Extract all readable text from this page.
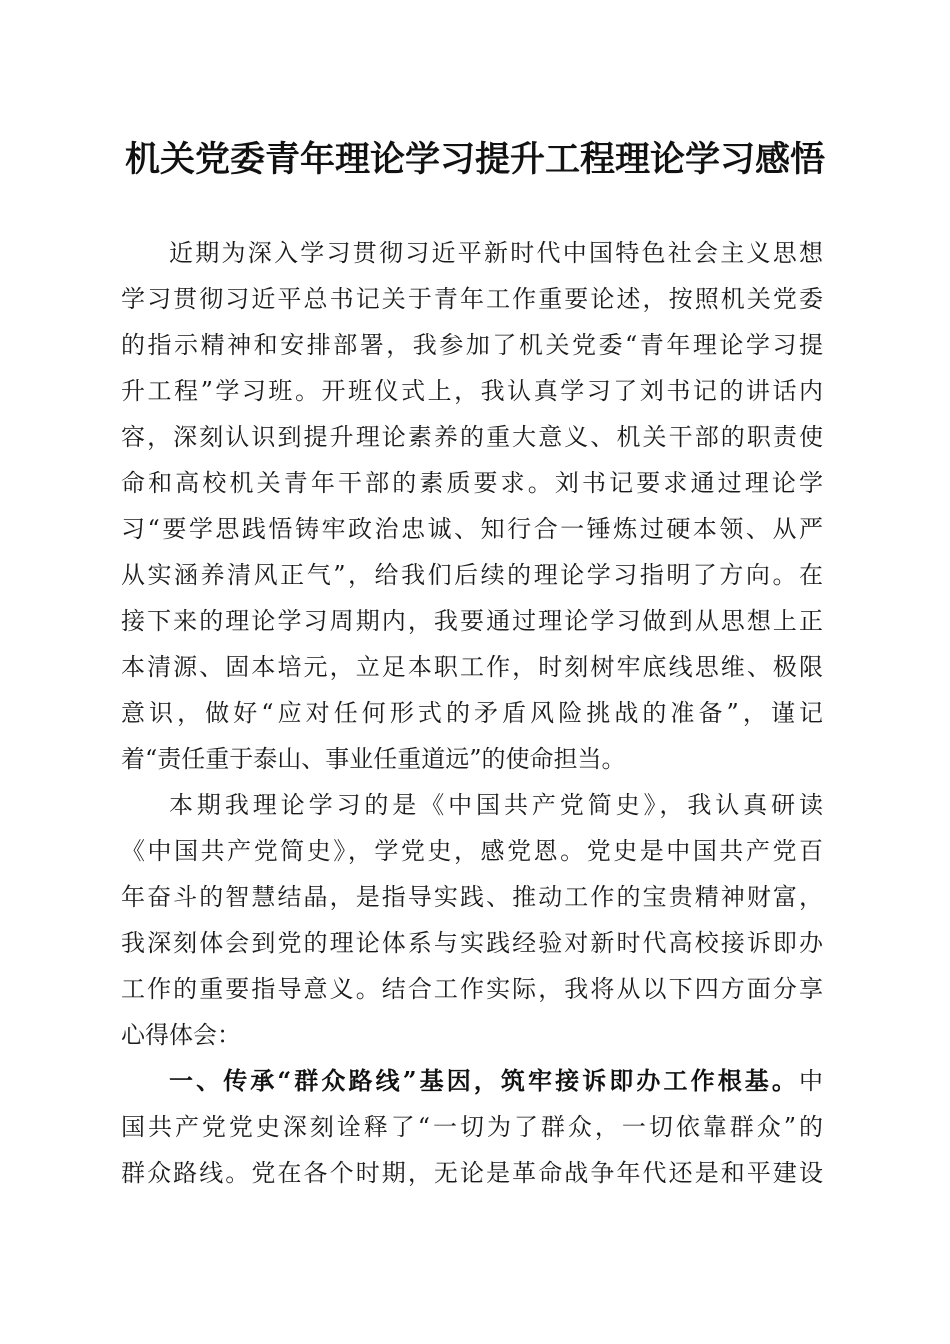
机关党委青年理论学习提升工程理论学习感悟
近期为深入学习贯彻习近平新时代中国特色社会主义思想
学习贯彻习近平总书记关于青年工作重要论述，按照机关党委
的指示精神和安排部署，我参加了机关党委“青年理论学习提
升工程”学习班。开班仪式上，我认真学习了刘书记的讲话内
容，深刻认识到提升理论素养的重大意义、机关干部的职责使
命和高校机关青年干部的素质要求。刘书记要求通过理论学
习“要学思践悟铸牢政治忠诚、知行合一锤炼过硬本领、从严
从实涵养清风正气”，给我们后续的理论学习指明了方向。在
接下来的理论学习周期内，我要通过理论学习做到从思想上正
本清源、固本培元，立足本职工作，时刻树牢底线思维、极限
意识，做好“应对任何形式的矛盾风险挑战的准备”，谨记
着“责任重于泰山、事业任重道远”的使命担当。
本期我理论学习的是《中国共产党简史》，我认真研读
《中国共产党简史》，学党史，感党恩。党史是中国共产党百
年奋斗的智慧结晶，是指导实践、推动工作的宝贵精神财富，
我深刻体会到党的理论体系与实践经验对新时代高校接诉即办
工作的重要指导意义。结合工作实际，我将从以下四方面分享
心得体会：
一、传承“群众路线”基因，筑牢接诉即办工作根基。中
国共产党党史深刻诠释了“一切为了群众，一切依靠群众”的
群众路线。党在各个时期，无论是革命战争年代还是和平建设
